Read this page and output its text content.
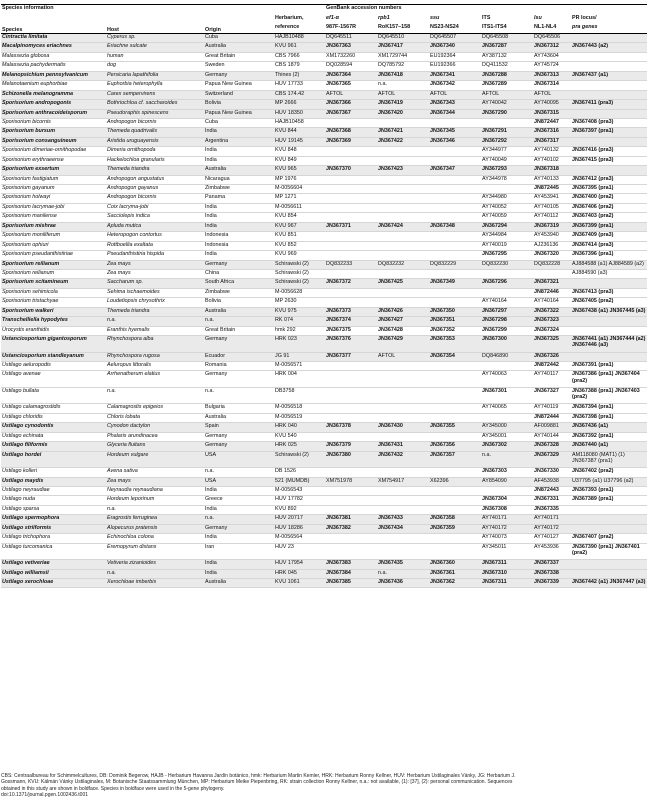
Species information				GenBank accession numbers					
Species	Host	Origin	Herbarium,	ef1-α	rpb1	ssu	ITS	lsu	PR locus/
			reference	987F-1567R	RoK157–158	NS23-NS24	ITS1-ITS4	NL1-NL4	pra genes
Cintractia limitata	Cyperus sp.	Cuba	HAJB10488	DQ645511	DQ645510	DQ645507	DQ645508	DQ645506	
Macalpinomyces eriachnes	Eriachne sulcate	Australia	KVU 961	JN367363	JN367417	JN367340	JN367287	JN367312	JN367443 (a2)
Malassezia globosa	human	Great Britain	CBS 7966	XM1732260	XM1729744	EU192364	AY387132	AY743604	
Malassezia pachydermatis	dog	Sweden	CBS 1879	DQ028594	DQ785792	EU192366	DQ411532	AY745724	
Melanopsichium pennsylvanicum	Persicaria lapathifolia	Germany	Thines (2)	JN367364	JN367418	JN367341	JN367288	JN367313	JN367437 (a1)
Melanotaenium euphorbiae	Euphorbia heterophylla	Papua New Guinea	HUV 17733	JN367365	n.a.	JN367342	JN367289	JN367314	
Schizonella melanogramma	Carex sempervirens	Switzerland	CBS 174.42	AFTOL	AFTOL	AFTOL	AFTOL	AFTOL	
Sporisorium andropogonis	Bothriochloa cf. saccharoides	Bolivia	MP 2666	JN367366	JN367419	JN367343	AY740042	AY740095	JN367411 (pra3)
Sporisorium anthracoideisporum	Pseudoraphis spinescens	Papua New Guinea	HUV 18350	JN367367	JN367420	JN367344	JN367290	JN367315	
Sporisorium bicornis	Andropogon bicornis	Cuba	HAJB10458					JN872447	JN367408 (pra3)
Sporisorium bursum	Themeda quadrivalis	India	KVU 844	JN367368	JN367421	JN367345	JN367291	JN367316	JN367397 (pra1)
Sporisorium consanguineum	Aristida uruguayensis	Argentina	HUV 19145	JN367369	JN367422	JN367346	JN367292	JN367317	
Sporisorium dimeriae-ornithopodae	Dimeria ornithopoda	India	KVU 848				AY344977	AY740132	JN367416 (pra3)
Sporisorium erythraeense	Hackelochloa granularis	India	KVU 849				AY740049	AY740102	JN367415 (pra3)
Sporisorium exsertum	Themeda triandra	Australia	KVU 965	JN367370	JN367423	JN367347	JN367293	JN367318	
Sporisorium fastigiatum	Andropogon angustatus	Nicaragua	MP 1976				AY344978	AY740133	JN367412 (pra3)
Sporisorium gayanum	Andropogon gayanus	Zimbabwe	M-0056604					JN872445	JN367395 (pra1)
Sporisorium holwayi	Andropogon bicornis	Panama	MP 1271				AY344980	AY453941	JN367400 (pra2)
Sporisorium lacrymae-jobi	Coix lacryma-jobi	India	M-0056611				AY740052	AY740105	JN367406 (pra2)
Sporisorium manilense	Sacciolepis indica	India	KVU 854				AY740059	AY740112	JN367403 (pra2)
Sporisorium mishrae	Apluda mutica	India	KVU 967	JN367371	JN367424	JN367348	JN367294	JN367319	JN367399 (pra1)
Sporisorium moniliferum	Heteropogon contortus	Indonesia	KVU 851				AY344984	AY453940	JN367409 (pra3)
Sporisorium ophiuri	Rottboellia exaltata	Indonesia	KVU 852				AY740019	AJ236136	JN367414 (pra3)
Sporisorium pseudanthistiriae	Pseudanthistiria hispida	India	KVU 969				JN367295	JN367320	JN367396 (pra1)
Sporisorium reilianum	Zea mays	Germany	Schirawski (2)	DQ832233	DQ832232	DQ832229	DQ832230	DQ832228	AJ884588 (a1) AJ884589 (a2)
Sporisorium reilianum	Zea mays	China	Schirawski (2)						AJ884590 (a3)
Sporisorium scitamineum	Saccharum sp.	South Africa	Schirawski (2)	JN367372	JN367425	JN367349	JN367296	JN367321	
Sporisorium sehimicola	Sehima ischaemoides	Zimbabwe	M-0056628					JN872446	JN367413 (pra3)
Sporisorium tristachyae	Loudetiopsis chrysothrix	Bolivia	MP 2630				AY740164	AY740164	JN367405 (pra2)
Sporisorium walkeri	Themeda triandra	Australia	KVU 975	JN367373	JN367426	JN367350	JN367297	JN367322	JN367438 (a1) JN367445 (a3)
Transchelliella hypodytes	n.a.	n.a.	RK 074	JN367374	JN367427	JN367351	JN367298	JN367323	
Urocystis eranthidis	Eranthis hyemalis	Great Britain	hmk 292	JN367375	JN367428	JN367352	JN367299	JN367324	
Ustanciosporium gigantosporum	Rhynchospora alba	Germany	HRK 023	JN367376	JN367429	JN367353	JN367300	JN367325	JN367441 (a1) JN367444 (a2) JN367446 (a3)
Ustanciosporium standleyanum	Rhynchospora rugosa	Ecuador	JG 91	JN367377	AFTOL	JN367354	DQ846890	JN367326	
Ustilago aeluropodis	Aeluropus littoralis	Romania	M-0056571					JN872442	JN367391 (pra1)
Ustilago avenae	Arrhenatherum elatius	Germany	HRK 004				AY740063	AY740117	JN367386 (pra1) JN367404 (pra2)
Ustilago bullata	n.a.	n.a.	DB3758				JN367301	JN367327	JN367388 (pra1) JN367403 (pra2)
Ustilago calamagrostidis	Calamagrostis epigeios	Bulgaria	M-0056518				AY740065	AY740119	JN367394 (pra1)
Ustilago chloridis	Chloris lobata	Australia	M-0056519					JN872444	JN367398 (pra1)
Ustilago cynodontis	Cynodon dactylon	Spain	HRK 040	JN367378	JN367430	JN367355	AY345000	AF009881	JN367436 (a1)
Ustilago echinata	Phalaris arundinacea	Germany	KVU 540				AY345001	AY740144	JN367392 (pra1)
Ustilago filiformis	Glyceria fluitans	Germany	HRK 025	JN367379	JN367431	JN367356	JN367302	JN367328	JN367440 (a1)
Ustilago hordei	Hordeum vulgare	USA	Schirawski (2)	JN367380	JN367432	JN367357	n.a.	JN367329	AM118080 (MAT1) (1) JN367387 (pra1)
Ustilago kolleri	Avena sativa	n.a.	DB 1526				JN367303	JN367330	JN367402 (pra2)
Ustilago maydis	Zea mays	USA	521 (MUMDB)	XM751978	XM754917	X62396	AY854090	AF453938	U37795 (a1) U37796 (a2)
Ustilago neyraudiae	Neyraudia reynaudiana	India	M-0056543					JN872443	JN367393 (pra1)
Ustilago nuda	Hordeum leporinum	Greece	HUV 17782				JN367304	JN367331	JN367389 (pra1)
Ustilago sparsa	n.a.	India	KVU 892				JN367308	JN367335	
Ustilago spermophora	Eragrostis ferruginea	n.a.	HUV 20717	JN367381	JN367433	JN367358	AY740171	AY740171	
Ustilago striiformis	Alopecurus pratensis	Germany	HUV 18286	JN367382	JN367434	JN367359	AY740172	AY740172	
Ustilago trichophora	Echinochloa colona	India	M-0056564				AY740073	AY740127	JN367407 (pra2)
Ustilago turcomanica	Eremopyrum distans	Iran	HUV 23				AY345011	AY453936	JN367390 (pra1) JN367401 (pra2)
Ustilago vetiveriae	Vetiveria zizanioides	India	HUV 17954	JN367383	JN367435	JN367360	JN367311	JN367337	
Ustilago williamsii	n.a.	India	HRK 045	JN367384	n.a.	JN367361	JN367310	JN367338	
Ustilago xerochloae	Xerochloae imberbis	Australia	KVU 1061	JN367385	JN367436	JN367362	JN367311	JN367339	JN367442 (a1) JN367447 (a3)
CBS: Centraalbureau for Schimmelcultures, DB: Dominik Begerow, HAJB - Herbarium Havanna Jardín botánico, hmk: Herbarium Martin Kemler, HRK: Herbarium Ronny Kellner, HUV: Herbarium Ustilaginales Vánky, JG: Herbarium J.
Gossmann, KVU: Kálmán Vánky Ustilaginales, M: Botanische Staatssammlung München, MP: Herbarium Meike Piepenbring, RK: strain collection Ronny Kellner, n.a.: not available, (1): [37], (2): personal communication. Sequences
obtained in this study are shown in boldface. Species in boldface were used in the 5-gene phylogeny.
doi:10.1371/journal.pgen.1002436.t001
